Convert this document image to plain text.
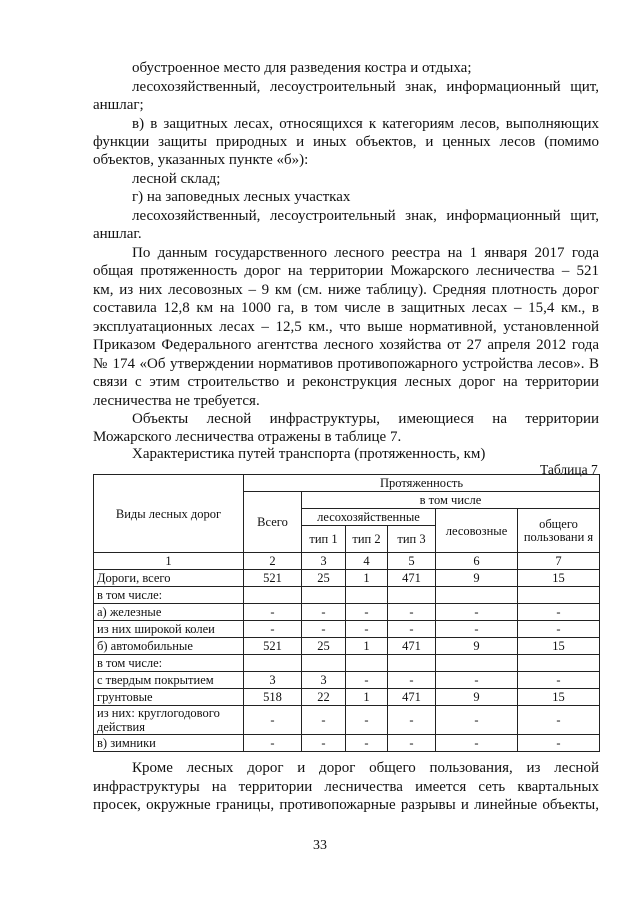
обустроенное место для разведения костра и отдыха;
лесохозяйственный, лесоустроительный знак, информационный щит,
аншлаг;
в) в защитных лесах, относящихся к категориям лесов, выполняющих
функции защиты природных и иных объектов, и ценных лесов (помимо
объектов, указанных пункте «б»):
лесной склад;
г) на заповедных лесных участках
лесохозяйственный, лесоустроительный знак, информационный щит,
аншлаг.
По данным государственного лесного реестра на 1 января 2017 года
общая протяженность дорог на территории Можарского лесничества – 521
км, из них лесовозных – 9 км (см. ниже таблицу). Средняя плотность дорог
составила 12,8 км на 1000 га, в том числе в защитных лесах – 15,4 км., в
эксплуатационных лесах – 12,5 км., что выше нормативной, установленной
Приказом Федерального агентства лесного хозяйства от 27 апреля 2012 года
№ 174 «Об утверждении нормативов противопожарного устройства лесов». В
связи с этим строительство и реконструкция лесных дорог на территории
лесничества не требуется.
Объекты лесной инфраструктуры, имеющиеся на территории
Можарского лесничества отражены в таблице 7.
Характеристика путей транспорта (протяженность, км)
Таблица 7
Виды лесных дорог	Протяженность					
	Всего	в том числе				
		лесохозяйственные			лесовозные	общего пользовани я
		тип 1	тип 2	тип 3		
1	2	3	4	5	6	7
Дороги, всего	521	25	1	471	9	15
в том числе:						
а) железные	-	-	-	-	-	-
из них широкой колеи	-	-	-	-	-	-
б) автомобильные	521	25	1	471	9	15
в том числе:						
с твердым покрытием	3	3	-	-	-	-
грунтовые	518	22	1	471	9	15
из них: круглогодового действия	-	-	-	-	-	-
в) зимники	-	-	-	-	-	-
Кроме лесных дорог и дорог общего пользования, из лесной
инфраструктуры на территории лесничества имеется сеть квартальных
просек, окружные границы, противопожарные разрывы и линейные объекты,
33
